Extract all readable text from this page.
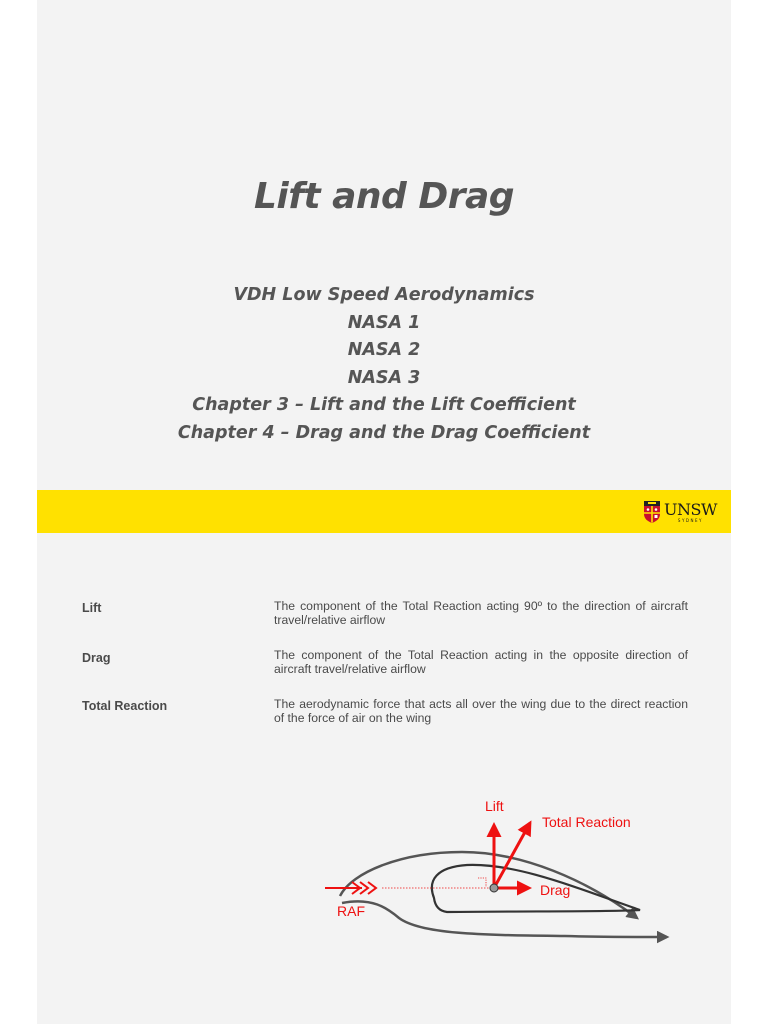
Lift and Drag
VDH Low Speed Aerodynamics
NASA 1
NASA 2
NASA 3
Chapter 3 – Lift and the Lift Coefficient
Chapter 4 – Drag and the Drag Coefficient
UNSW
SYDNEY
Lift	The component of the Total Reaction acting 90º to the direction of aircraft travel/relative airflow
Drag	The component of the Total Reaction acting in the opposite direction of aircraft travel/relative airflow
Total Reaction	The aerodynamic force that acts all over the wing due to the direct reaction of the force of air on the wing
Lift
Total Reaction
Drag
RAF
